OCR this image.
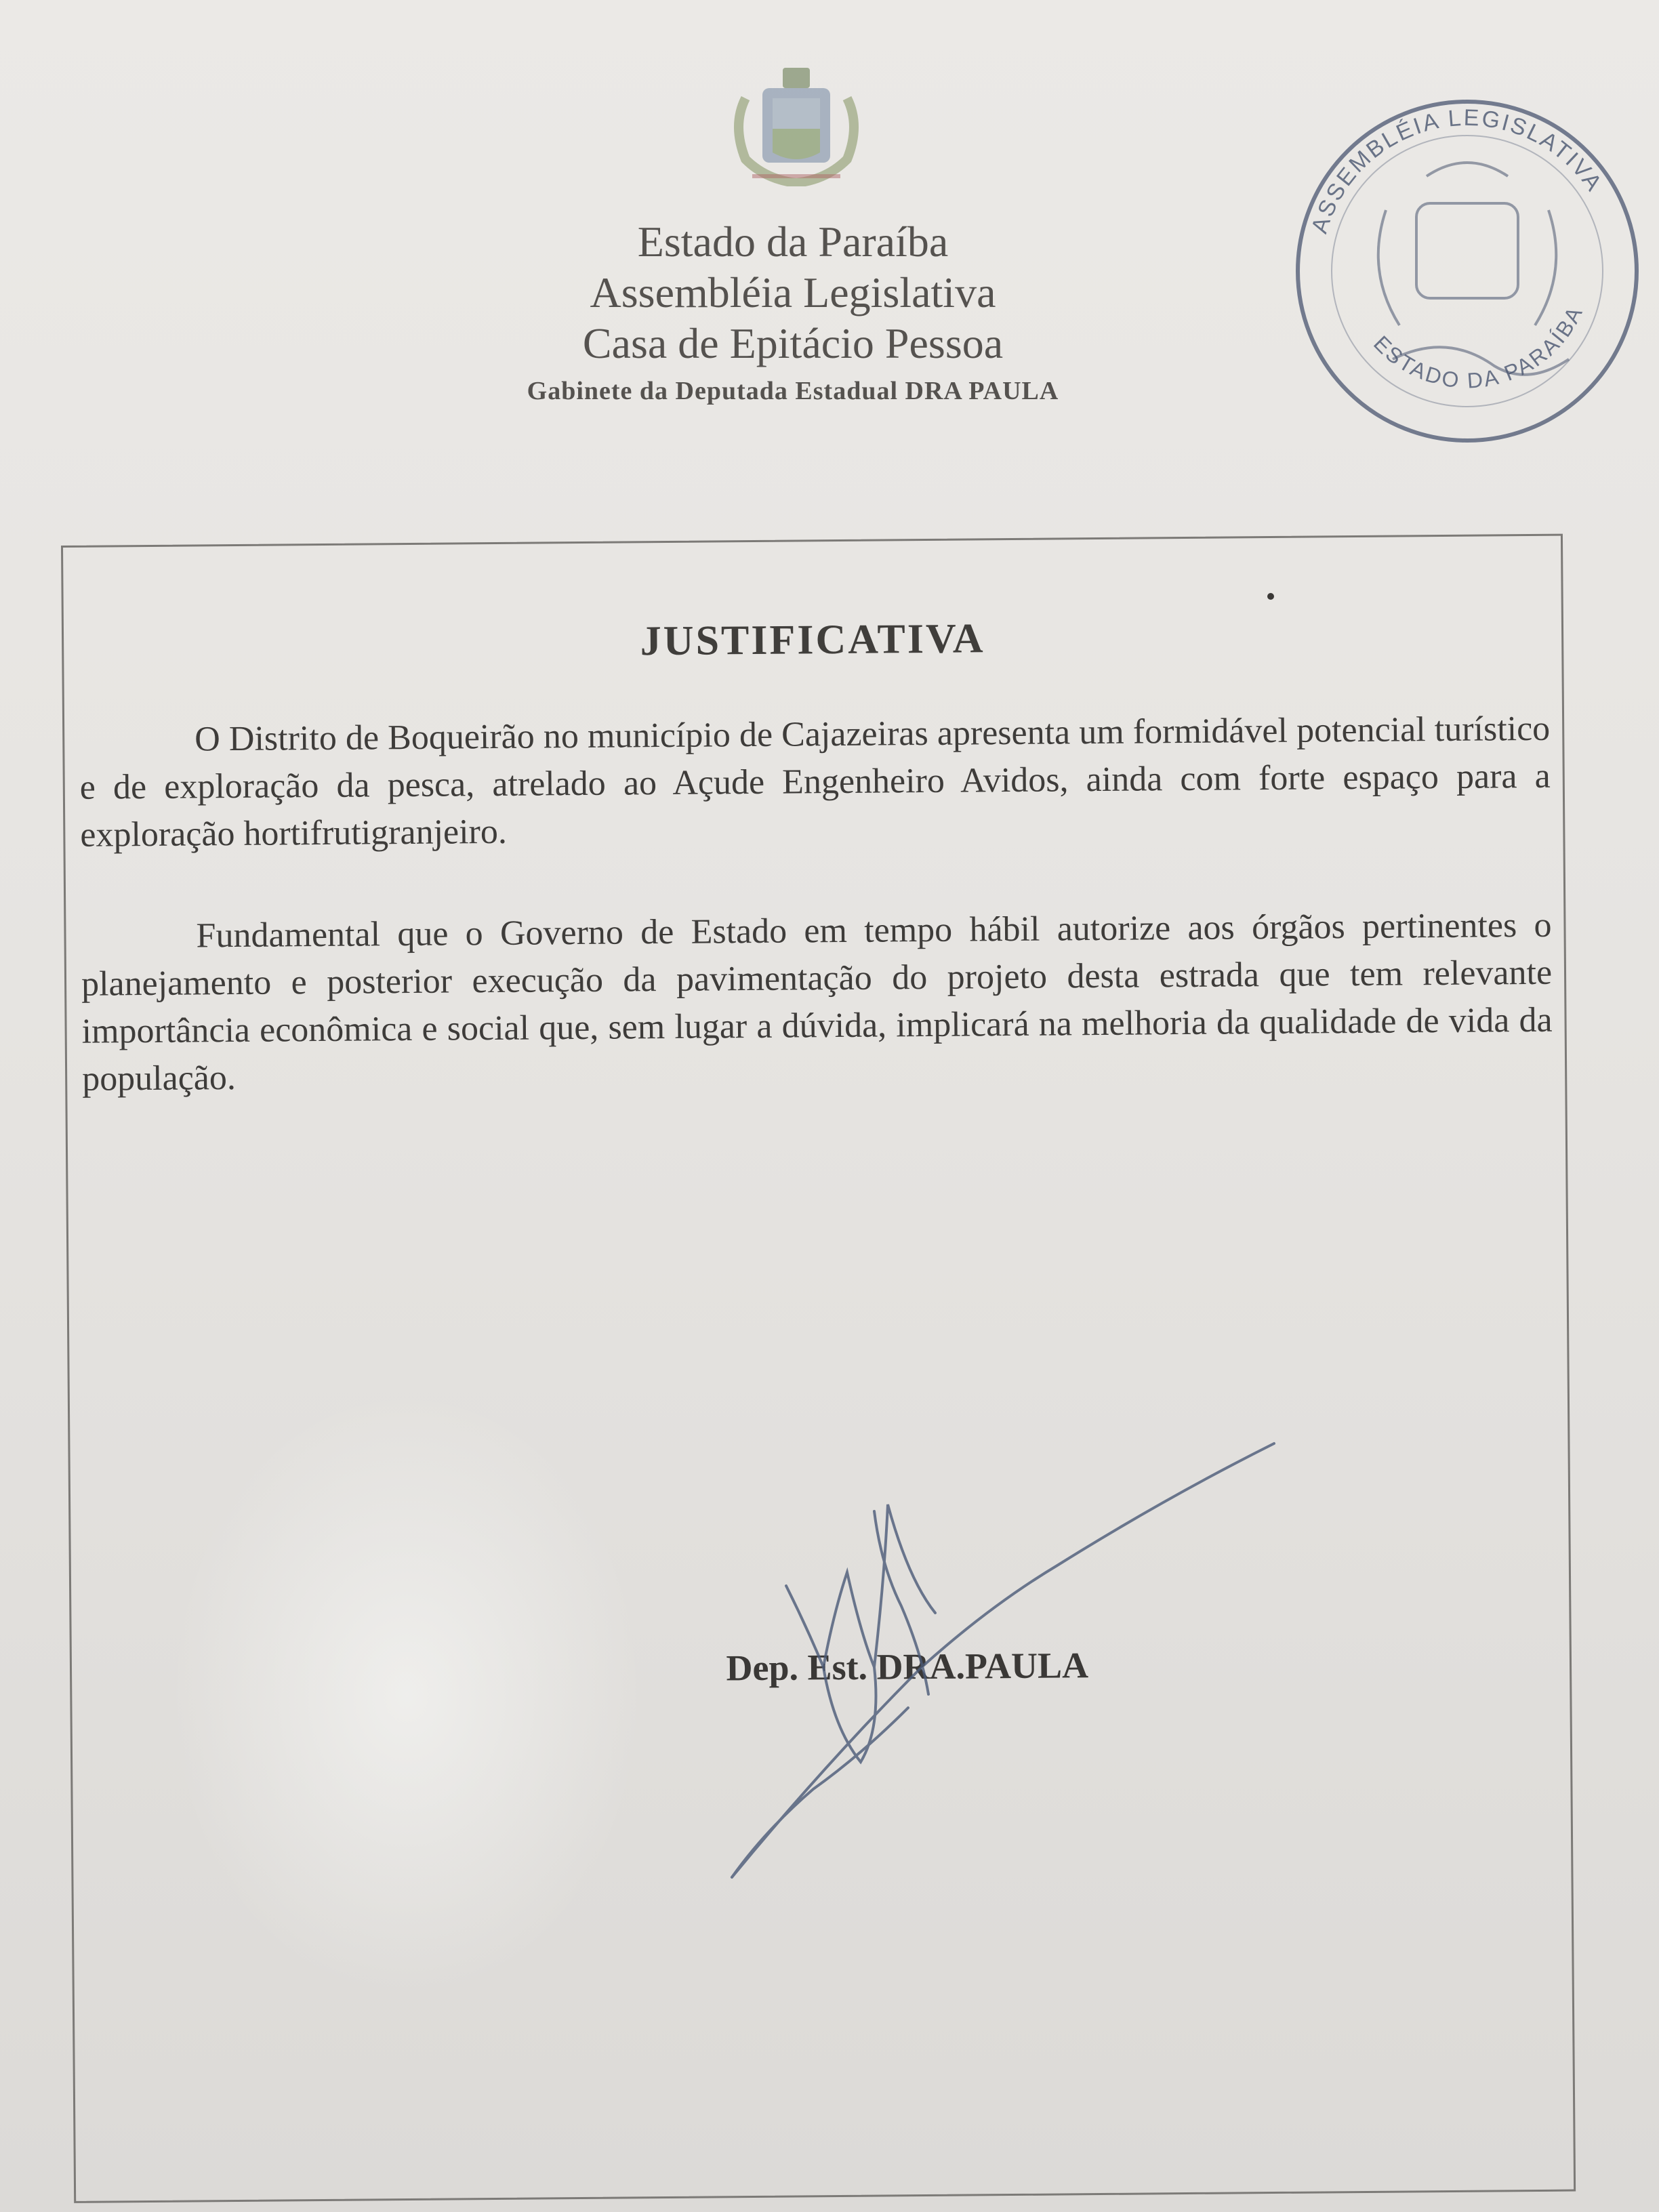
Estado da Paraíba
Assembléia Legislativa
Casa de Epitácio Pessoa
Gabinete da Deputada Estadual DRA PAULA
ASSEMBLÉIA LEGISLATIVA
ESTADO DA PARAÍBA
JUSTIFICATIVA
O Distrito de Boqueirão no município de Cajazeiras apresenta um formidável potencial turístico e de exploração da pesca, atrelado ao Açude Engenheiro Avidos, ainda com forte espaço para a exploração hortifrutigranjeiro.
Fundamental que o Governo de Estado em tempo hábil autorize aos órgãos pertinentes o planejamento e posterior execução da pavimentação do projeto desta estrada que tem relevante importância econômica e social que, sem lugar a dúvida, implicará na melhoria da qualidade de vida da população.
Dep. Est. DRA.PAULA
